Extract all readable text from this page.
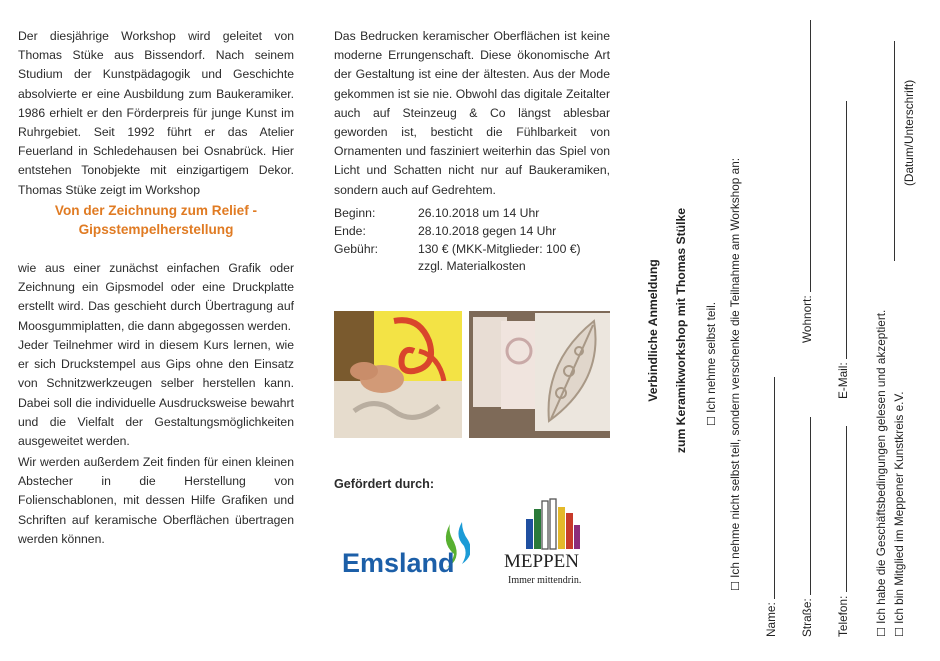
Der diesjährige Workshop wird geleitet von Thomas Stüke aus Bissendorf. Nach seinem Studium der Kunstpädagogik und Geschichte absolvierte er eine Ausbildung zum Baukeramiker. 1986 erhielt er den Förderpreis für junge Kunst im Ruhrgebiet. Seit 1992 führt er das Atelier Feuerland in Schledehausen bei Osnabrück. Hier entstehen Tonobjekte mit einzigartigem Dekor. Thomas Stüke zeigt im Workshop

Von der Zeichnung zum Relief -
Gipsstempelherstellung

wie aus einer zunächst einfachen Grafik oder Zeichnung ein Gipsmodel oder eine Druckplatte erstellt wird. Das geschieht durch Übertragung auf Moosgummiplatten, die dann abgegossen werden.

Jeder Teilnehmer wird in diesem Kurs lernen, wie er sich Druckstempel aus Gips ohne den Einsatz von Schnitzwerkzeugen selber herstellen kann. Dabei soll die individuelle Ausdrucksweise bewahrt und die Vielfalt der Gestaltungsmöglichkeiten ausgeweitet werden.

Wir werden außerdem Zeit finden für einen kleinen Abstecher in die Herstellung von Folienschablonen, mit dessen Hilfe Grafiken und Schriften auf keramische Oberflächen übertragen werden können.

Das Bedrucken keramischer Oberflächen ist keine moderne Errungenschaft. Diese ökonomische Art der Gestaltung ist eine der ältesten. Aus der Mode gekommen ist sie nie. Obwohl das digitale Zeitalter auch auf Steinzeug & Co längst ablesbar geworden ist, besticht die Fühlbarkeit von Ornamenten und fasziniert weiterhin das Spiel von Licht und Schatten nicht nur auf Baukeramiken, sondern auch auf Gedrehtem.

Beginn:	26.10.2018 um 14 Uhr
Ende:	28.10.2018 gegen 14 Uhr
Gebühr:	130 € (MKK-Mitglieder: 100 €)
zzgl. Materialkosten
Gefördert durch:
Emsland	MEPPEN
Immer mittendrin.
Verbindliche Anmeldung zum Keramikworkshop mit Thomas Stülke ☐ Ich nehme selbst teil.
☐ Ich nehme nicht selbst teil, sondern verschenke die Teilnahme am Workshop an:
Name: Straße:
Wohnort:
Telefon:
E-Mail:
☐ Ich habe die Geschäftsbedingungen gelesen und akzeptiert.
☐ Ich bin Mitglied im Meppener Kunstkreis e.V.
(Datum/Unterschrift)
